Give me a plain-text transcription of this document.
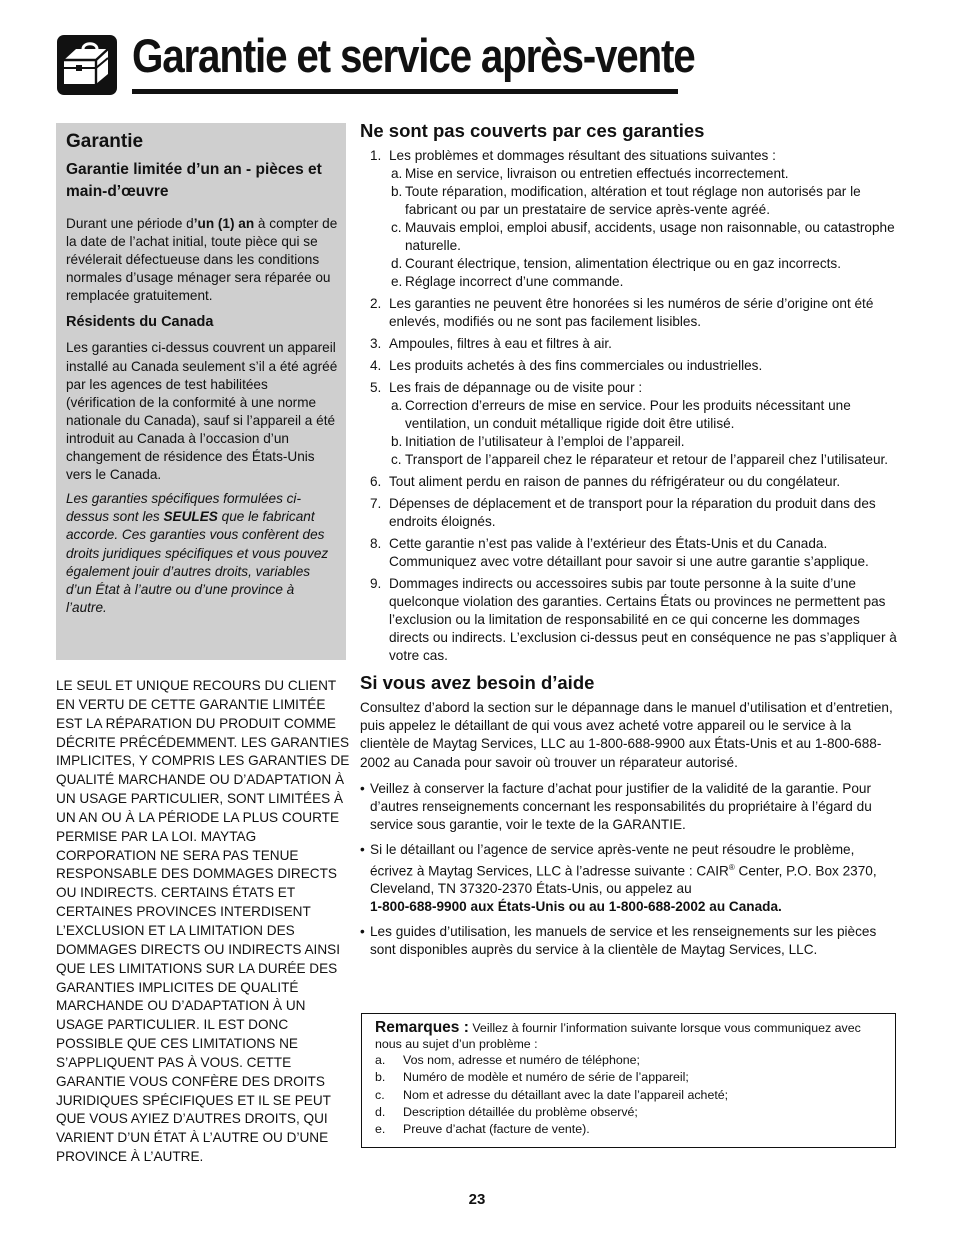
Garantie et service après-vente
Garantie
Garantie limitée d’un an - pièces et main-d’œuvre

Durant une période d’un (1) an à compter de la date de l’achat initial, toute pièce qui se révélerait défectueuse dans les conditions normales d’usage ménager sera réparée ou remplacée gratuitement.

Résidents du Canada

Les garanties ci-dessus couvrent un appareil installé au Canada seulement s’il a été agréé par les agences de test habilitées (vérification de la conformité à une norme nationale du Canada), sauf si l’appareil a été introduit au Canada à l’occasion d’un changement de résidence des États-Unis vers le Canada.

Les garanties spécifiques formulées ci-dessus sont les SEULES que le fabricant accorde. Ces garanties vous confèrent des droits juridiques spécifiques et vous pouvez également jouir d’autres droits, variables d’un État à l’autre ou d’une province à l’autre.

LE SEUL ET UNIQUE RECOURS DU CLIENT EN VERTU DE CETTE GARANTIE LIMITÉE EST LA RÉPARATION DU PRODUIT COMME DÉCRITE PRÉCÉDEMMENT. LES GARANTIES IMPLICITES, Y COMPRIS LES GARANTIES DE QUALITÉ MARCHANDE OU D’ADAPTATION À UN USAGE PARTICULIER, SONT LIMITÉES À UN AN OU À LA PÉRIODE LA PLUS COURTE PERMISE PAR LA LOI. MAYTAG CORPORATION NE SERA PAS TENUE RESPONSABLE DES DOMMAGES DIRECTS OU INDIRECTS. CERTAINS ÉTATS ET CERTAINES PROVINCES INTERDISENT L’EXCLUSION ET LA LIMITATION DES DOMMAGES DIRECTS OU INDIRECTS AINSI QUE LES LIMITATIONS SUR LA DURÉE DES GARANTIES IMPLICITES DE QUALITÉ MARCHANDE OU D’ADAPTATION À UN USAGE PARTICULIER. IL EST DONC POSSIBLE QUE CES LIMITATIONS NE S’APPLIQUENT PAS À VOUS. CETTE GARANTIE VOUS CONFÈRE DES DROITS JURIDIQUES SPÉCIFIQUES ET IL SE PEUT QUE VOUS AYIEZ D’AUTRES DROITS, QUI VARIENT D’UN ÉTAT À L’AUTRE OU D’UNE PROVINCE À L’AUTRE.

Ne sont pas couverts par ces garanties
1. Les problèmes et dommages résultant des situations suivantes :
a. Mise en service, livraison ou entretien effectués incorrectement.
b. Toute réparation, modification, altération et tout réglage non autorisés par le fabricant ou par un prestataire de service après-vente agréé.
c. Mauvais emploi, emploi abusif, accidents, usage non raisonnable, ou catastrophe naturelle.
d. Courant électrique, tension, alimentation électrique ou en gaz incorrects.
e. Réglage incorrect d’une commande.
2. Les garanties ne peuvent être honorées si les numéros de série d’origine ont été enlevés, modifiés ou ne sont pas facilement lisibles.
3. Ampoules, filtres à eau et filtres à air.
4. Les produits achetés à des fins commerciales ou industrielles.
5. Les frais de dépannage ou de visite pour :
a. Correction d’erreurs de mise en service. Pour les produits nécessitant une ventilation, un conduit métallique rigide doit être utilisé.
b. Initiation de l’utilisateur à l’emploi de l’appareil.
c. Transport de l’appareil chez le réparateur et retour de l’appareil chez l’utilisateur.
6. Tout aliment perdu en raison de pannes du réfrigérateur ou du congélateur.
7. Dépenses de déplacement et de transport pour la réparation du produit dans des endroits éloignés.
8. Cette garantie n’est pas valide à l’extérieur des États-Unis et du Canada. Communiquez avec votre détaillant pour savoir si une autre garantie s’applique.
9. Dommages indirects ou accessoires subis par toute personne à la suite d’une quelconque violation des garanties. Certains États ou provinces ne permettent pas l’exclusion ou la limitation de responsabilité en ce qui concerne les dommages directs ou indirects. L’exclusion ci-dessus peut en conséquence ne pas s’appliquer à votre cas.
Si vous avez besoin d’aide

Consultez d’abord la section sur le dépannage dans le manuel d’utilisation et d’entretien, puis appelez le détaillant de qui vous avez acheté votre appareil ou le service à la clientèle de Maytag Services, LLC au 1-800-688-9900 aux États-Unis et au 1-800-688-2002 au Canada pour savoir où trouver un réparateur autorisé.

• Veillez à conserver la facture d’achat pour justifier de la validité de la garantie. Pour d’autres renseignements concernant les responsabilités du propriétaire à l’égard du service sous garantie, voir le texte de la GARANTIE.
• Si le détaillant ou l’agence de service après-vente ne peut résoudre le problème, écrivez à Maytag Services, LLC à l’adresse suivante : CAIR® Center, P.O. Box 2370, Cleveland, TN 37320-2370 États-Unis, ou appelez au
1-800-688-9900 aux États-Unis ou au 1-800-688-2002 au Canada.
• Les guides d’utilisation, les manuels de service et les renseignements sur les pièces sont disponibles auprès du service à la clientèle de Maytag Services, LLC.

Remarques : Veillez à fournir l’information suivante lorsque vous communiquez avec nous au sujet d’un problème :

a. Vos nom, adresse et numéro de téléphone;
b. Numéro de modèle et numéro de série de l’appareil;
c. Nom et adresse du détaillant avec la date l’appareil acheté;
d. Description détaillée du problème observé;
e. Preuve d’achat (facture de vente).
23
